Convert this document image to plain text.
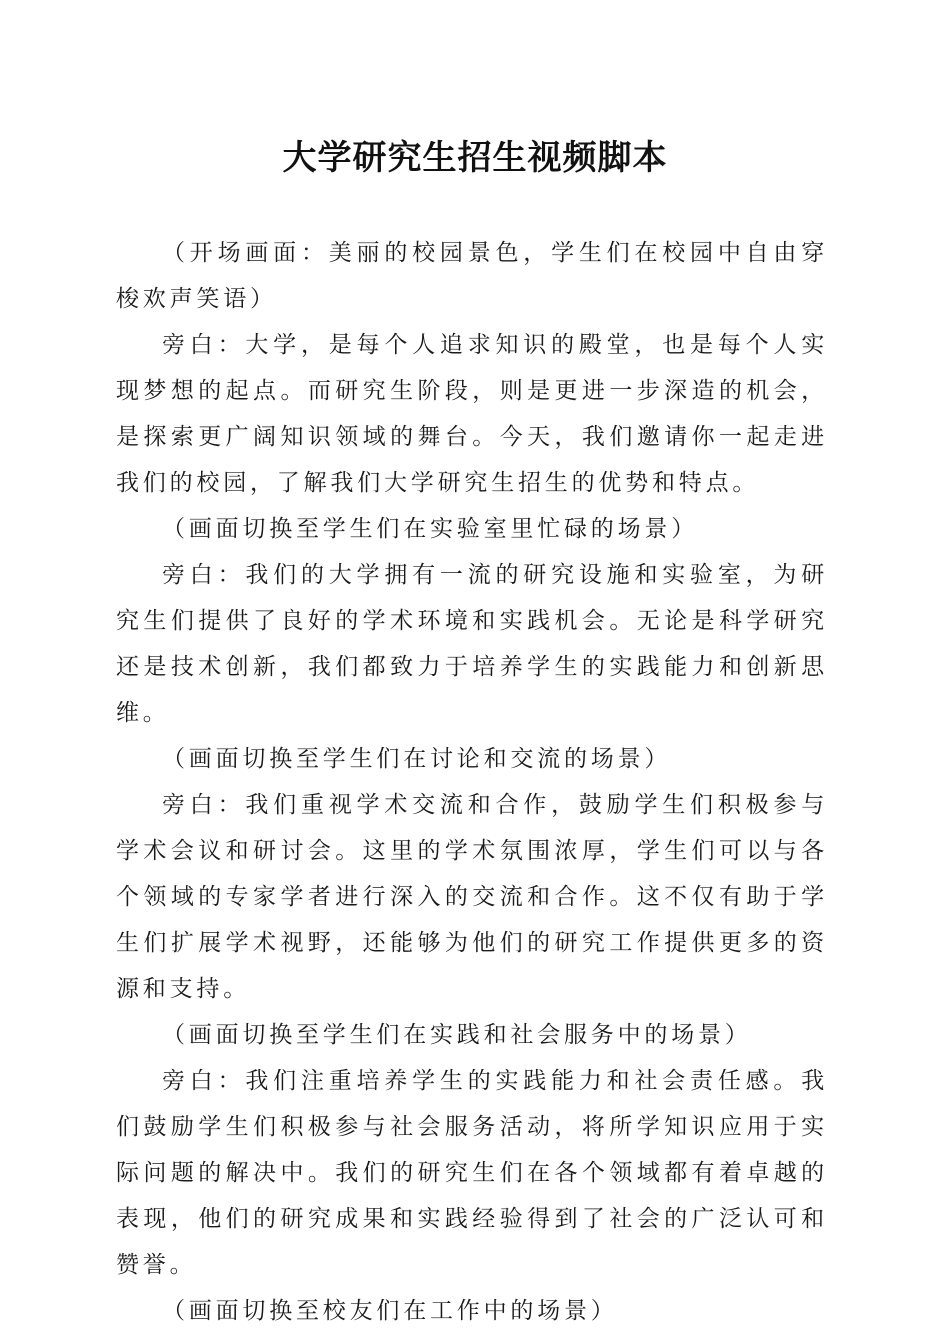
大学研究生招生视频脚本

（开场画面：美丽的校园景色，学生们在校园中自由穿梭欢声笑语）

旁白：大学，是每个人追求知识的殿堂，也是每个人实现梦想的起点。而研究生阶段，则是更进一步深造的机会，是探索更广阔知识领域的舞台。今天，我们邀请你一起走进我们的校园，了解我们大学研究生招生的优势和特点。

（画面切换至学生们在实验室里忙碌的场景）

旁白：我们的大学拥有一流的研究设施和实验室，为研究生们提供了良好的学术环境和实践机会。无论是科学研究还是技术创新，我们都致力于培养学生的实践能力和创新思维。

（画面切换至学生们在讨论和交流的场景）

旁白：我们重视学术交流和合作，鼓励学生们积极参与学术会议和研讨会。这里的学术氛围浓厚，学生们可以与各个领域的专家学者进行深入的交流和合作。这不仅有助于学生们扩展学术视野，还能够为他们的研究工作提供更多的资源和支持。

（画面切换至学生们在实践和社会服务中的场景）

旁白：我们注重培养学生的实践能力和社会责任感。我们鼓励学生们积极参与社会服务活动，将所学知识应用于实际问题的解决中。我们的研究生们在各个领域都有着卓越的表现，他们的研究成果和实践经验得到了社会的广泛认可和赞誉。

（画面切换至校友们在工作中的场景）
